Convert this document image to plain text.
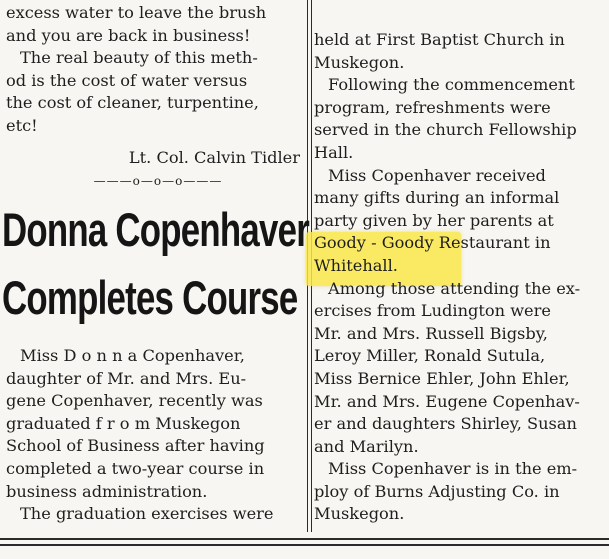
excess water to leave the brush
and you are back in business!
The real beauty of this meth-
od is the cost of water versus
the cost of cleaner, turpentine,
etc!
Lt. Col. Calvin Tidler
———o—o—o———
Donna Copenhaver
Completes Course
Miss D o n n a Copenhaver,
daughter of Mr. and Mrs. Eu-
gene Copenhaver, recently was
graduated f r o m Muskegon
School of Business after having
completed a two-year course in
business administration.
The graduation exercises were
held at First Baptist Church in
Muskegon.
Following the commencement
program, refreshments were
served in the church Fellowship
Hall.
Miss Copenhaver received
many gifts during an informal
party given by her parents at
Goody - Goody Restaurant in
Whitehall.
Among those attending the ex-
ercises from Ludington were
Mr. and Mrs. Russell Bigsby,
Leroy Miller, Ronald Sutula,
Miss Bernice Ehler, John Ehler,
Mr. and Mrs. Eugene Copenhav-
er and daughters Shirley, Susan
and Marilyn.
Miss Copenhaver is in the em-
ploy of Burns Adjusting Co. in
Muskegon.
